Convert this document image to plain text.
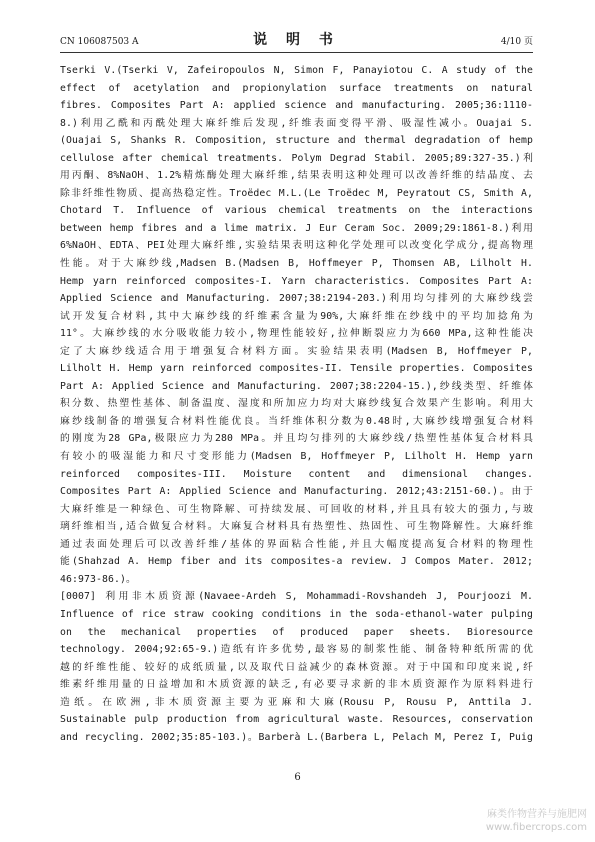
CN 106087503 A	说 明 书	4/10 页
Tserki V.(Tserki V, Zafeiropoulos N, Simon F, Panayiotou C. A study of the
effect of acetylation and propionylation surface treatments on natural
fibres. Composites Part A: applied science and manufacturing. 2005;36:1110-
8.)利用乙酰和丙酰处理大麻纤维后发现,纤维表面变得平滑、吸湿性减小。Ouajai S.
(Ouajai S, Shanks R. Composition, structure and thermal degradation of hemp
cellulose after chemical treatments. Polym Degrad Stabil. 2005;89:327-35.)利
用丙酮、8%NaOH、1.2%精炼酶处理大麻纤维,结果表明这种处理可以改善纤维的结晶度、去
除非纤维性物质、提高热稳定性。Troëdec M.L.(Le Troëdec M, Peyratout CS, Smith A,
Chotard T. Influence of various chemical treatments on the interactions
between hemp fibres and a lime matrix. J Eur Ceram Soc. 2009;29:1861-8.)利用
6%NaOH、EDTA、PEI处理大麻纤维,实验结果表明这种化学处理可以改变化学成分,提高物理
性能。对于大麻纱线,Madsen B.(Madsen B, Hoffmeyer P, Thomsen AB, Lilholt H.
Hemp yarn reinforced composites-I. Yarn characteristics. Composites Part A:
Applied Science and Manufacturing. 2007;38:2194-203.)利用均匀排列的大麻纱线尝
试开发复合材料,其中大麻纱线的纤维素含量为90%,大麻纤维在纱线中的平均加捻角为
11°。大麻纱线的水分吸收能力较小,物理性能较好,拉伸断裂应力为660 MPa,这种性能决
定了大麻纱线适合用于增强复合材料方面。实验结果表明(Madsen B, Hoffmeyer P,
Lilholt H. Hemp yarn reinforced composites-II. Tensile properties. Composites
Part A: Applied Science and Manufacturing. 2007;38:2204-15.),纱线类型、纤维体
积分数、热塑性基体、制备温度、湿度和所加应力均对大麻纱线复合效果产生影响。利用大
麻纱线制备的增强复合材料性能优良。当纤维体积分数为0.48时,大麻纱线增强复合材料
的刚度为28 GPa,极限应力为280 MPa。并且均匀排列的大麻纱线/热塑性基体复合材料具
有较小的吸湿能力和尺寸变形能力(Madsen B, Hoffmeyer P, Lilholt H. Hemp yarn
reinforced composites-III. Moisture content and dimensional changes.
Composites Part A: Applied Science and Manufacturing. 2012;43:2151-60.)。由于
大麻纤维是一种绿色、可生物降解、可持续发展、可回收的材料,并且具有较大的强力,与玻
璃纤维相当,适合做复合材料。大麻复合材料具有热塑性、热固性、可生物降解性。大麻纤维
通过表面处理后可以改善纤维/基体的界面粘合性能,并且大幅度提高复合材料的物理性
能(Shahzad A. Hemp fiber and its composites-a review. J Compos Mater. 2012;
46:973-86.)。
[0007] 利用非木质资源(Navaee-Ardeh S, Mohammadi-Rovshandeh J, Pourjoozi M.
Influence of rice straw cooking conditions in the soda-ethanol-water pulping
on the mechanical properties of produced paper sheets. Bioresource
technology. 2004;92:65-9.)造纸有许多优势,最容易的制浆性能、制备特种纸所需的优
越的纤维性能、较好的成纸质量,以及取代日益减少的森林资源。对于中国和印度来说,纤
维素纤维用量的日益增加和木质资源的缺乏,有必要寻求新的非木质资源作为原料料进行
造纸。在欧洲,非木质资源主要为亚麻和大麻(Rousu P, Rousu P, Anttila J.
Sustainable pulp production from agricultural waste. Resources, conservation
and recycling. 2002;35:85-103.)。Barberà L.(Barbera L, Pelach M, Perez I, Puig
6
麻类作物营养与施肥网
www.fibercrops.com
